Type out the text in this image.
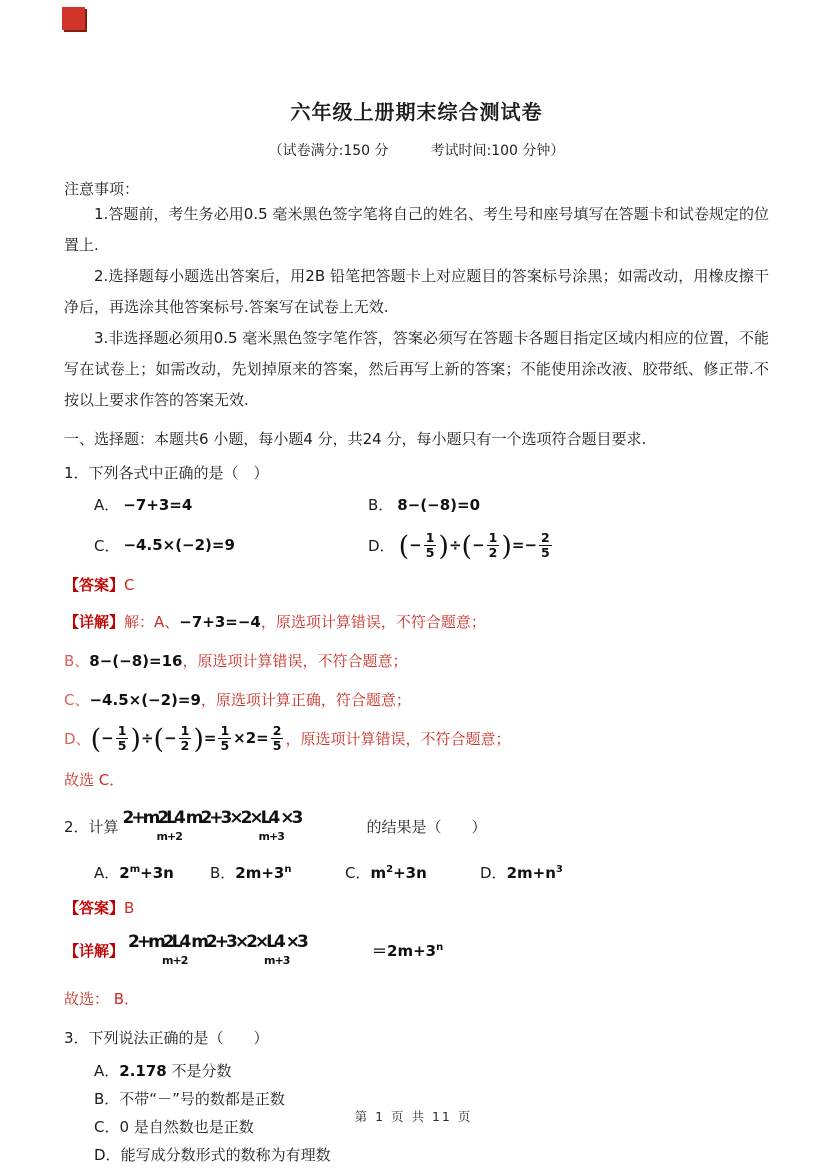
六年级上册期末综合测试卷
（试卷满分:150 分　　　考试时间:100 分钟）
注意事项：

1.答题前，考生务必用0.5 毫米黑色签字笔将自己的姓名、考生号和座号填写在答题卡和试卷规定的位置上.

2.选择题每小题选出答案后，用2B 铅笔把答题卡上对应题目的答案标号涂黑；如需改动，用橡皮擦干净后，再选涂其他答案标号.答案写在试卷上无效.

3.非选择题必须用0.5 毫米黑色签字笔作答，答案必须写在答题卡各题目指定区域内相应的位置，不能写在试卷上；如需改动，先划掉原来的答案，然后再写上新的答案；不能使用涂改液、胶带纸、修正带.不按以上要求作答的答案无效.

一、选择题：本题共6 小题，每小题4 分，共24 分，每小题只有一个选项符合题目要求.
1．下列各式中正确的是（　）
A． −7+3=4	B． 8−(−8)=0
C． −4.5×(−2)=9	D． (− $\frac{1}{5}$ )÷(− $\frac{1}{2}$ )=− $\frac{2}{5}$
【答案】C
【详解】解：A、−7+3=−4，原选项计算错误，不符合题意；
B、8−(−8)=16，原选项计算错误，不符合题意；
C、−4.5×(−2)=9，原选项计算正确，符合题意；
D、 (− $\frac{1}{5}$ )÷(− $\frac{1}{2}$ )= $\frac{1}{5} \times 2= \frac{2}{5}$ ，原选项计算错误，不符合题意；
故选 C．
2．计算 2+m2L4 m2+3×2×L4 ×3
m+2	m+3	的结果是（　　）
A．$2^m+3n$	B．$2m+3^n$	C．$m^2+3n$	D．$2m+n^3$
【答案】B
【详解】 2+m2L4 m2+3×2×L4 ×3
m+2	m+3	$=2m+3^n$
故选： B．
3．下列说法正确的是（　　）
A．2.178 不是分数
B．不带“－”号的数都是正数
C．0 是自然数也是正数
D．能写成分数形式的数称为有理数
第 1 页 共 11 页
